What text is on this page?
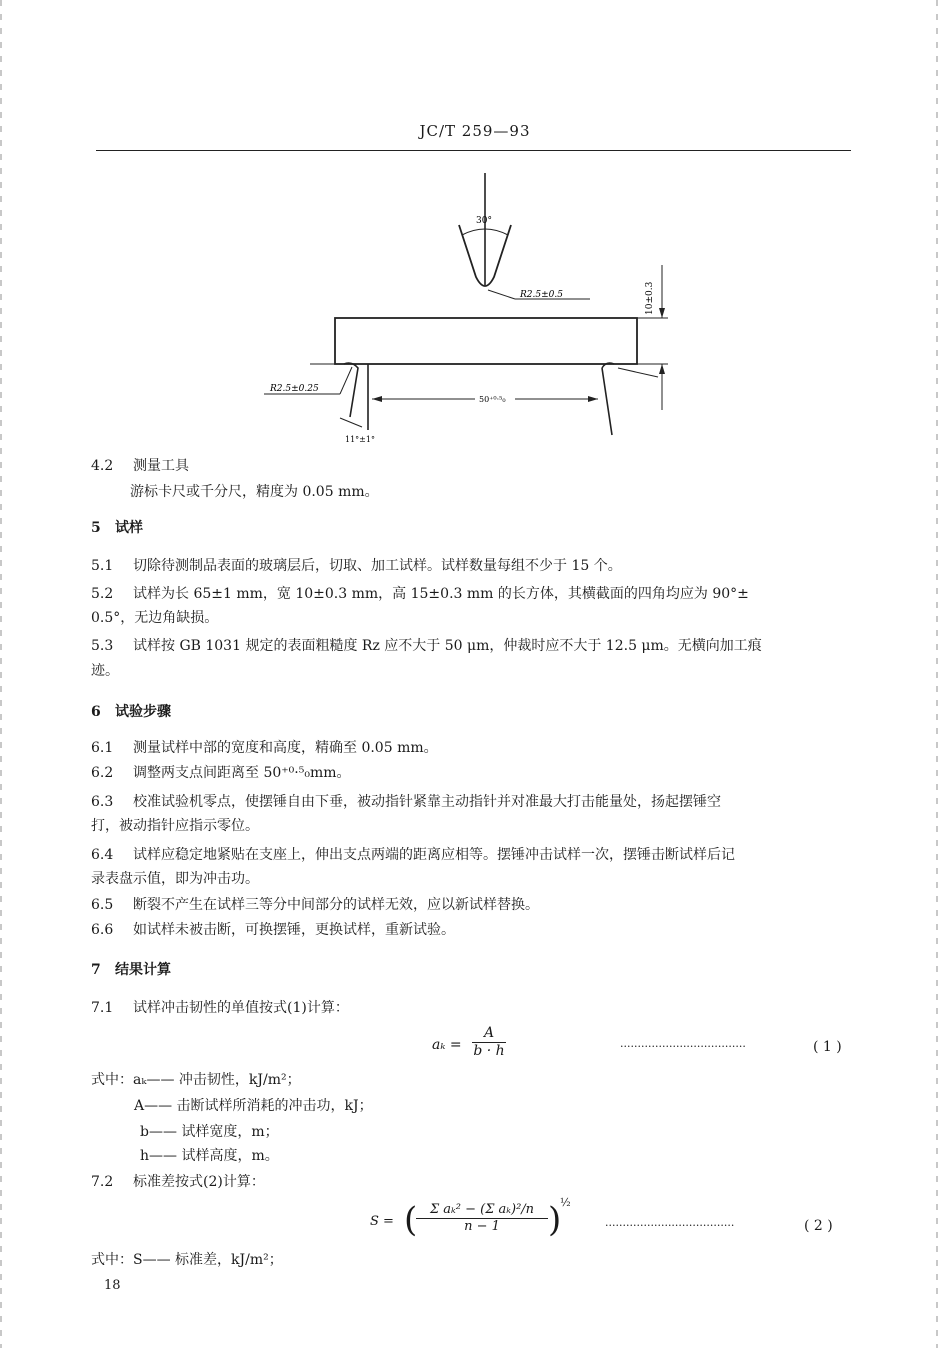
JC/T 259—93
30°
R2.5±0.5	10±0.3
R2.5±0.25
50⁺⁰·⁵₀
11°±1°
4.2 测量工具
游标卡尺或千分尺，精度为 0.05 mm。
5 试样
5.1 切除待测制品表面的玻璃层后，切取、加工试样。试样数量每组不少于 15 个。
5.2 试样为长 65±1 mm，宽 10±0.3 mm，高 15±0.3 mm 的长方体，其横截面的四角均应为 90°±
0.5°，无边角缺损。
5.3 试样按 GB 1031 规定的表面粗糙度 Rz 应不大于 50 μm，仲裁时应不大于 12.5 μm。无横向加工痕
迹。
6 试验步骤
6.1 测量试样中部的宽度和高度，精确至 0.05 mm。
6.2 调整两支点间距离至 50⁺⁰·⁵₀mm。
6.3 校准试验机零点，使摆锤自由下垂，被动指针紧靠主动指针并对准最大打击能量处，扬起摆锤空
打，被动指针应指示零位。
6.4 试样应稳定地紧贴在支座上，伸出支点两端的距离应相等。摆锤冲击试样一次，摆锤击断试样后记
录表盘示值，即为冲击功。
6.5 断裂不产生在试样三等分中间部分的试样无效，应以新试样替换。
6.6 如试样未被击断，可换摆锤，更换试样，重新试验。
7 结果计算
7.1 试样冲击韧性的单值按式(1)计算：
aₖ =
A
b · h	····································	( 1 )
式中：aₖ—— 冲击韧性，kJ/m²；
A—— 击断试样所消耗的冲击功，kJ；
b—— 试样宽度，m；
h—— 试样高度，m。
7.2 标准差按式(2)计算：
S = ( Σ aₖ² − (Σ aₖ)²/n
n − 1	)
½
·····································	( 2 )
式中：S—— 标准差，kJ/m²；
18
